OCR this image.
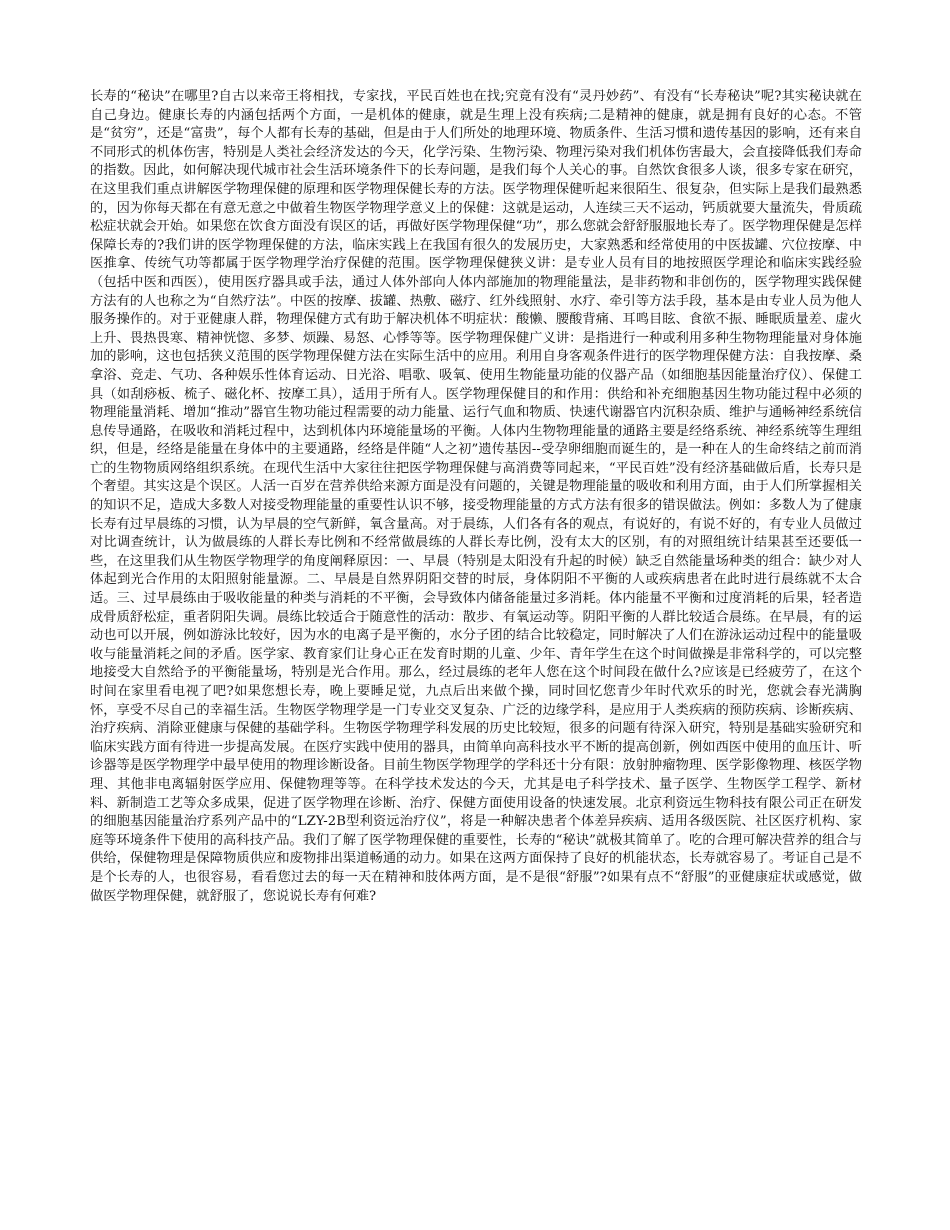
长寿的“秘诀”在哪里?自古以来帝王将相找，专家找，平民百姓也在找;究竟有没有“灵丹妙药”、有没有“长寿秘诀”呢?其实秘诀就在自己身边。健康长寿的内涵包括两个方面，一是机体的健康，就是生理上没有疾病;二是精神的健康，就是拥有良好的心态。不管是“贫穷”，还是“富贵”，每个人都有长寿的基础，但是由于人们所处的地理环境、物质条件、生活习惯和遗传基因的影响，还有来自不同形式的机体伤害，特别是人类社会经济发达的今天，化学污染、生物污染、物理污染对我们机体伤害最大，会直接降低我们寿命的指数。因此，如何解决现代城市社会生活环境条件下的长寿问题，是我们每个人关心的事。自然饮食很多人谈，很多专家在研究，在这里我们重点讲解医学物理保健的原理和医学物理保健长寿的方法。医学物理保健听起来很陌生、很复杂，但实际上是我们最熟悉的，因为你每天都在有意无意之中做着生物医学物理学意义上的保健：这就是运动，人连续三天不运动，钙质就要大量流失，骨质疏松症状就会开始。如果您在饮食方面没有误区的话，再做好医学物理保健“功”，那么您就会舒舒服服地长寿了。医学物理保健是怎样保障长寿的?我们讲的医学物理保健的方法，临床实践上在我国有很久的发展历史，大家熟悉和经常使用的中医拔罐、穴位按摩、中医推拿、传统气功等都属于医学物理学治疗保健的范围。医学物理保健狭义讲：是专业人员有目的地按照医学理论和临床实践经验（包括中医和西医），使用医疗器具或手法，通过人体外部向人体内部施加的物理能量法，是非药物和非创伤的，医学物理实践保健方法有的人也称之为“自然疗法”。中医的按摩、拔罐、热敷、磁疗、红外线照射、水疗、牵引等方法手段，基本是由专业人员为他人服务操作的。对于亚健康人群，物理保健方式有助于解决机体不明症状：酸懒、腰酸背痛、耳鸣目眩、食欲不振、睡眠质量差、虚火上升、畏热畏寒、精神恍惚、多梦、烦躁、易怒、心悸等等。医学物理保健广义讲：是指进行一种或利用多种生物物理能量对身体施加的影响，这也包括狭义范围的医学物理保健方法在实际生活中的应用。利用自身客观条件进行的医学物理保健方法：自我按摩、桑拿浴、竞走、气功、各种娱乐性体育运动、日光浴、唱歌、吸氧、使用生物能量功能的仪器产品（如细胞基因能量治疗仪）、保健工具（如刮痧板、梳子、磁化杯、按摩工具），适用于所有人。医学物理保健目的和作用：供给和补充细胞基因生物功能过程中必须的物理能量消耗、增加“推动”器官生物功能过程需要的动力能量、运行气血和物质、快速代谢器官内沉积杂质、维护与通畅神经系统信息传导通路，在吸收和消耗过程中，达到机体内环境能量场的平衡。人体内生物物理能量的通路主要是经络系统、神经系统等生理组织，但是，经络是能量在身体中的主要通路，经络是伴随“人之初”遗传基因--受孕卵细胞而诞生的，是一种在人的生命终结之前而消亡的生物物质网络组织系统。在现代生活中大家往往把医学物理保健与高消费等同起来，“平民百姓”没有经济基础做后盾，长寿只是个奢望。其实这是个误区。人活一百岁在营养供给来源方面是没有问题的，关键是物理能量的吸收和利用方面，由于人们所掌握相关的知识不足，造成大多数人对接受物理能量的重要性认识不够，接受物理能量的方式方法有很多的错误做法。例如：多数人为了健康长寿有过早晨练的习惯，认为早晨的空气新鲜，氧含量高。对于晨练，人们各有各的观点，有说好的，有说不好的，有专业人员做过对比调查统计，认为做晨练的人群长寿比例和不经常做晨练的人群长寿比例，没有太大的区别，有的对照组统计结果甚至还要低一些，在这里我们从生物医学物理学的角度阐释原因：一、早晨（特别是太阳没有升起的时候）缺乏自然能量场种类的组合：缺少对人体起到光合作用的太阳照射能量源。二、早晨是自然界阴阳交替的时辰，身体阴阳不平衡的人或疾病患者在此时进行晨练就不太合适。三、过早晨练由于吸收能量的种类与消耗的不平衡，会导致体内储备能量过多消耗。体内能量不平衡和过度消耗的后果，轻者造成骨质舒松症，重者阴阳失调。晨练比较适合于随意性的活动：散步、有氧运动等。阴阳平衡的人群比较适合晨练。在早晨，有的运动也可以开展，例如游泳比较好，因为水的电离子是平衡的，水分子团的结合比较稳定，同时解决了人们在游泳运动过程中的能量吸收与能量消耗之间的矛盾。医学家、教育家们让身心正在发育时期的儿童、少年、青年学生在这个时间做操是非常科学的，可以完整地接受大自然给予的平衡能量场，特别是光合作用。那么，经过晨练的老年人您在这个时间段在做什么?应该是已经疲劳了，在这个时间在家里看电视了吧?如果您想长寿，晚上要睡足觉，九点后出来做个操，同时回忆您青少年时代欢乐的时光，您就会春光满胸怀，享受不尽自己的幸福生活。生物医学物理学是一门专业交叉复杂、广泛的边缘学科，是应用于人类疾病的预防疾病、诊断疾病、治疗疾病、消除亚健康与保健的基础学科。生物医学物理学科发展的历史比较短，很多的问题有待深入研究，特别是基础实验研究和临床实践方面有待进一步提高发展。在医疗实践中使用的器具，由简单向高科技水平不断的提高创新，例如西医中使用的血压计、听诊器等是医学物理学中最早使用的物理诊断设备。目前生物医学物理学的学科还十分有限：放射肿瘤物理、医学影像物理、核医学物理、其他非电离辐射医学应用、保健物理等等。在科学技术发达的今天，尤其是电子科学技术、量子医学、生物医学工程学、新材料、新制造工艺等众多成果，促进了医学物理在诊断、治疗、保健方面使用设备的快速发展。北京利资远生物科技有限公司正在研发的细胞基因能量治疗系列产品中的“LZY-2B型利资远治疗仪”，将是一种解决患者个体差异疾病、适用各级医院、社区医疗机构、家庭等环境条件下使用的高科技产品。我们了解了医学物理保健的重要性，长寿的“秘诀”就极其简单了。吃的合理可解决营养的组合与供给，保健物理是保障物质供应和废物排出渠道畅通的动力。如果在这两方面保持了良好的机能状态，长寿就容易了。考证自己是不是个长寿的人，也很容易，看看您过去的每一天在精神和肢体两方面，是不是很“舒服”?如果有点不“舒服”的亚健康症状或感觉，做做医学物理保健，就舒服了，您说说长寿有何难?
